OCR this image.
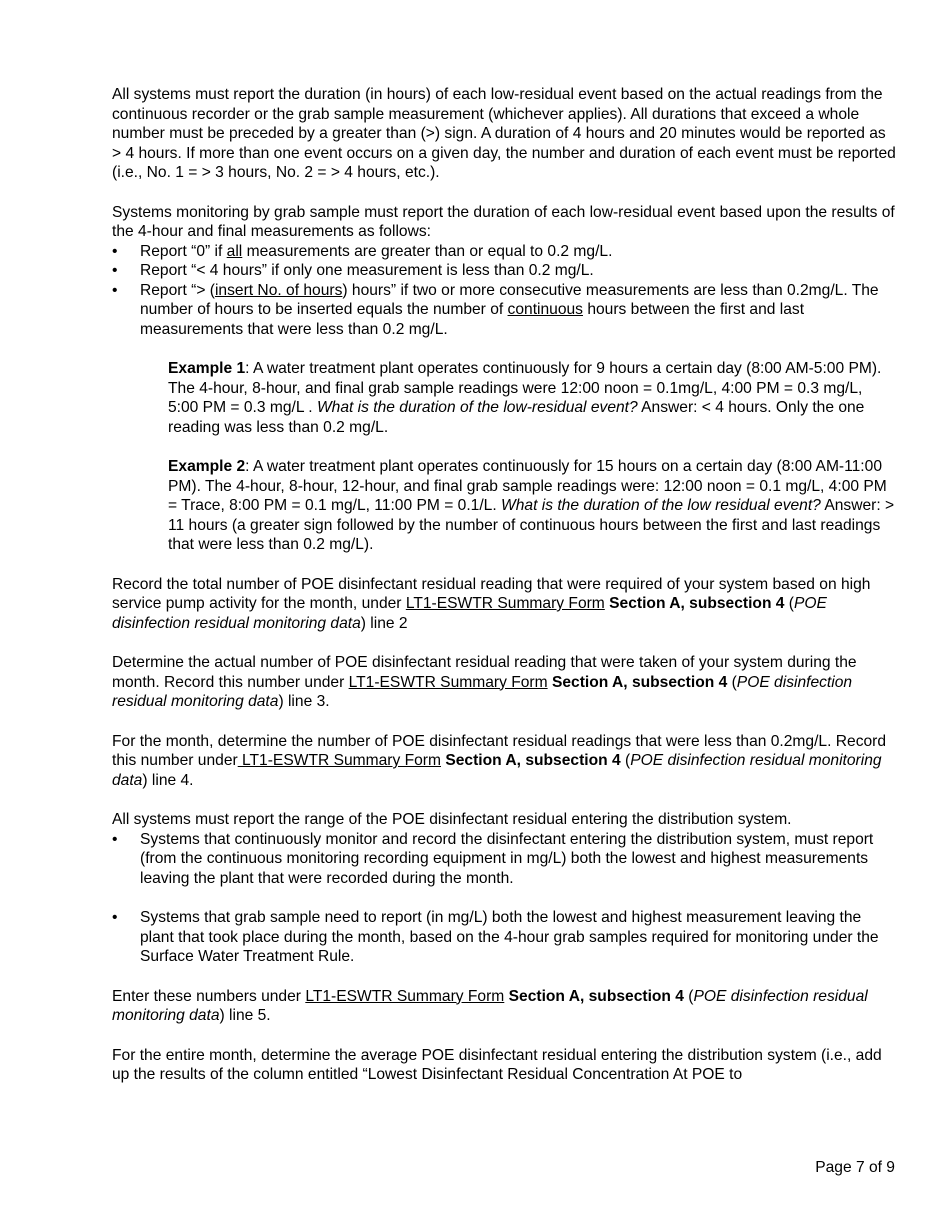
All systems must report the duration (in hours) of each low-residual event based on the actual readings from the continuous recorder or the grab sample measurement (whichever applies). All durations that exceed a whole number must be preceded by a greater than (>) sign. A duration of 4 hours and 20 minutes would be reported as > 4 hours. If more than one event occurs on a given day, the number and duration of each event must be reported (i.e., No. 1 = > 3 hours, No. 2 = > 4 hours, etc.).

Systems monitoring by grab sample must report the duration of each low-residual event based upon the results of the 4-hour and final measurements as follows:

• Report “0” if all measurements are greater than or equal to 0.2 mg/L.
• Report “< 4 hours” if only one measurement is less than 0.2 mg/L.
• Report “> (insert No. of hours) hours” if two or more consecutive measurements are less than 0.2mg/L. The number of hours to be inserted equals the number of continuous hours between the first and last measurements that were less than 0.2 mg/L.

Example 1: A water treatment plant operates continuously for 9 hours a certain day (8:00 AM-5:00 PM). The 4-hour, 8-hour, and final grab sample readings were 12:00 noon = 0.1mg/L, 4:00 PM = 0.3 mg/L, 5:00 PM = 0.3 mg/L . What is the duration of the low-residual event? Answer: < 4 hours. Only the one reading was less than 0.2 mg/L.

Example 2: A water treatment plant operates continuously for 15 hours on a certain day (8:00 AM-11:00 PM). The 4-hour, 8-hour, 12-hour, and final grab sample readings were: 12:00 noon = 0.1 mg/L, 4:00 PM = Trace, 8:00 PM = 0.1 mg/L, 11:00 PM = 0.1/L. What is the duration of the low residual event? Answer: > 11 hours (a greater sign followed by the number of continuous hours between the first and last readings that were less than 0.2 mg/L).

Record the total number of POE disinfectant residual reading that were required of your system based on high service pump activity for the month, under LT1-ESWTR Summary Form Section A, subsection 4 (POE disinfection residual monitoring data) line 2

Determine the actual number of POE disinfectant residual reading that were taken of your system during the month. Record this number under LT1-ESWTR Summary Form Section A, subsection 4 (POE disinfection residual monitoring data) line 3.

For the month, determine the number of POE disinfectant residual readings that were less than 0.2mg/L. Record this number under LT1-ESWTR Summary Form Section A, subsection 4 (POE disinfection residual monitoring data) line 4.

All systems must report the range of the POE disinfectant residual entering the distribution system.

• Systems that continuously monitor and record the disinfectant entering the distribution system, must report (from the continuous monitoring recording equipment in mg/L) both the lowest and highest measurements leaving the plant that were recorded during the month.
• Systems that grab sample need to report (in mg/L) both the lowest and highest measurement leaving the plant that took place during the month, based on the 4-hour grab samples required for monitoring under the Surface Water Treatment Rule.

Enter these numbers under LT1-ESWTR Summary Form Section A, subsection 4 (POE disinfection residual monitoring data) line 5.

For the entire month, determine the average POE disinfectant residual entering the distribution system (i.e., add up the results of the column entitled “Lowest Disinfectant Residual Concentration At POE to

Page 7 of 9
